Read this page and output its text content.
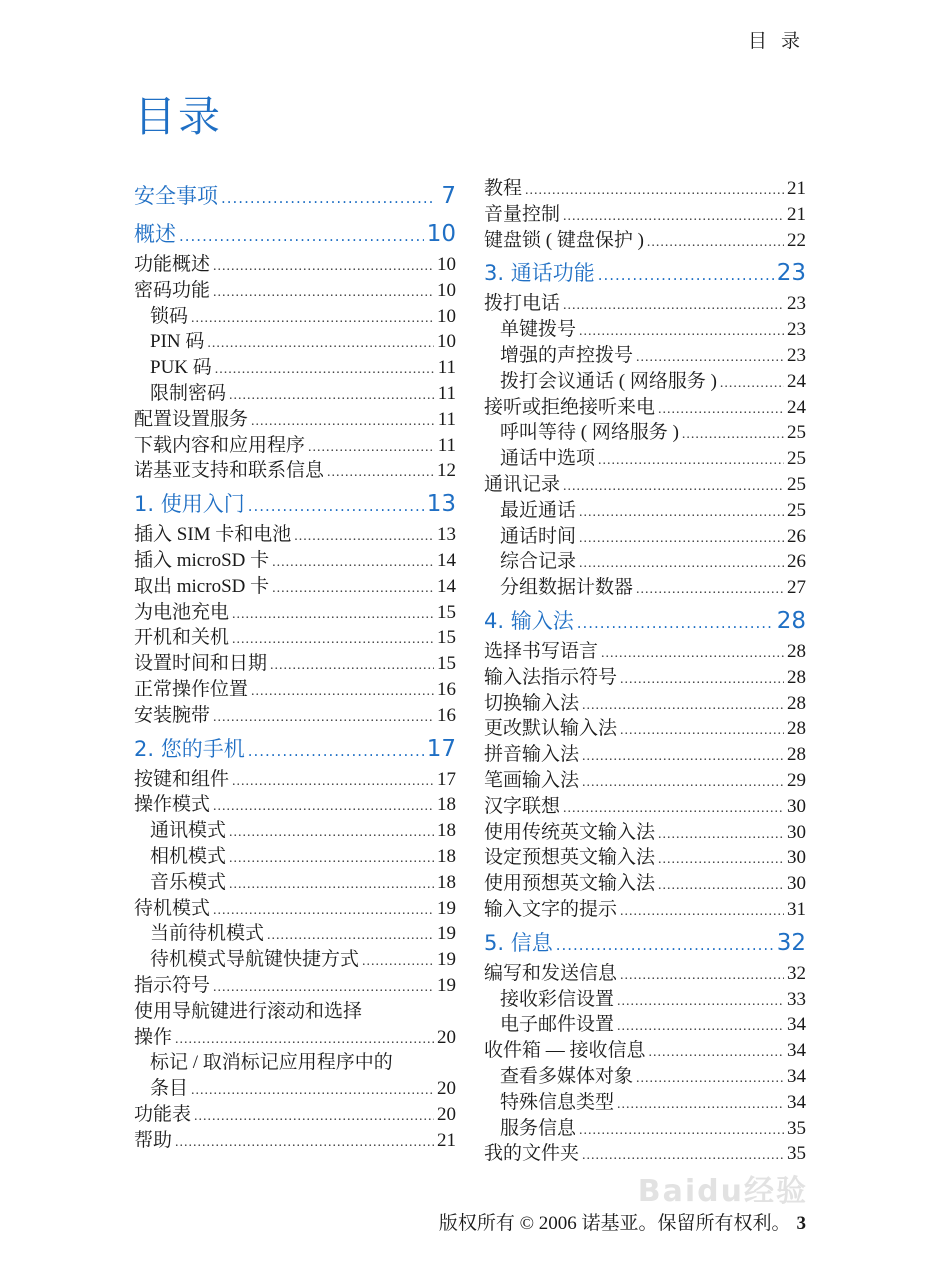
目 录
目录
安全事项 .....	7
概述 .....	10
功能概述 .....	10
密码功能 .....	10
锁码 .....	10
PIN 码 .....	10
PUK 码 .....	11
限制密码 .....	11
配置设置服务 .....	11
下载内容和应用程序 .....	11
诺基亚支持和联系信息 .....	12
1. 使用入门 .....	13
插入 SIM 卡和电池 .....	13
插入 microSD 卡 .....	14
取出 microSD 卡 .....	14
为电池充电 .....	15
开机和关机 .....	15
设置时间和日期 .....	15
正常操作位置 .....	16
安装腕带 .....	16
2. 您的手机 .....	17
按键和组件 .....	17
操作模式 .....	18
通讯模式 .....	18
相机模式 .....	18
音乐模式 .....	18
待机模式 .....	19
当前待机模式 .....	19
待机模式导航键快捷方式 .....	19
指示符号 .....	19
使用导航键进行滚动和选择
操作 .....	20
标记 / 取消标记应用程序中的
条目 .....	20
功能表 .....	20
帮助 .....	21
教程 .....	21
音量控制 .....	21
键盘锁 ( 键盘保护 ) .....	22
3. 通话功能 .....	23
拨打电话 .....	23
单键拨号 .....	23
增强的声控拨号 .....	23
拨打会议通话 ( 网络服务 ) .....	24
接听或拒绝接听来电 .....	24
呼叫等待 ( 网络服务 ) .....	25
通话中选项 .....	25
通讯记录 .....	25
最近通话 .....	25
通话时间 .....	26
综合记录 .....	26
分组数据计数器 .....	27
4. 输入法 .....	28
选择书写语言 .....	28
输入法指示符号 .....	28
切换输入法 .....	28
更改默认输入法 .....	28
拼音输入法 .....	28
笔画输入法 .....	29
汉字联想 .....	30
使用传统英文输入法 .....	30
设定预想英文输入法 .....	30
使用预想英文输入法 .....	30
输入文字的提示 .....	31
5. 信息 .....	32
编写和发送信息 .....	32
接收彩信设置 .....	33
电子邮件设置 .....	34
收件箱 — 接收信息 .....	34
查看多媒体对象 .....	34
特殊信息类型 .....	34
服务信息 .....	35
我的文件夹 .....	35
Baidu经验
版权所有 © 2006 诺基亚。保留所有权利。 3
